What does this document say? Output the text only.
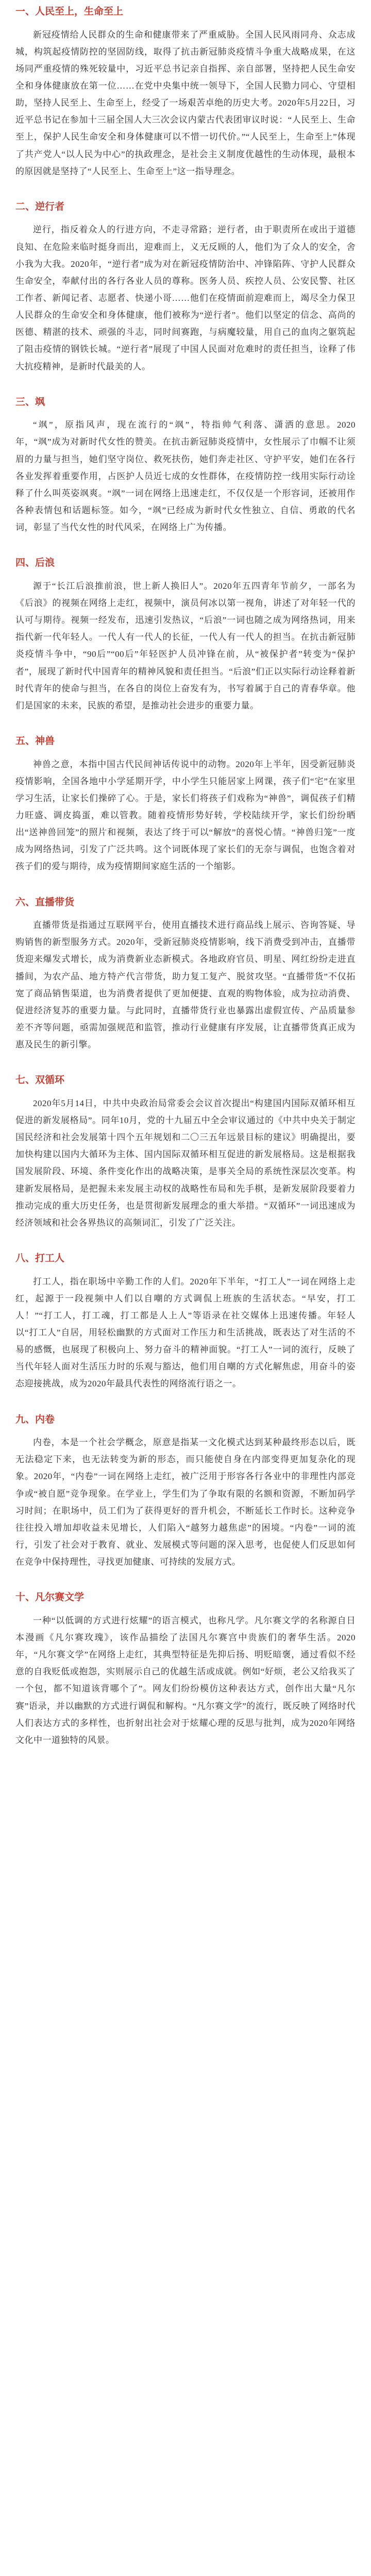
一、人民至上，生命至上

新冠疫情给人民群众的生命和健康带来了严重威胁。全国人民风雨同舟、众志成城，构筑起疫情防控的坚固防线，取得了抗击新冠肺炎疫情斗争重大战略成果，在这场同严重疫情的殊死较量中，习近平总书记亲自指挥、亲自部署，坚持把人民生命安全和身体健康放在第一位……在党中央集中统一领导下，全国人民勠力同心、守望相助，坚持人民至上、生命至上，经受了一场艰苦卓绝的历史大考。2020年5月22日，习近平总书记在参加十三届全国人大三次会议内蒙古代表团审议时说：“人民至上、生命至上，保护人民生命安全和身体健康可以不惜一切代价。”“人民至上，生命至上”体现了共产党人“以人民为中心”的执政理念，是社会主义制度优越性的生动体现，最根本的原因就是坚持了“人民至上、生命至上”这一指导理念。

二、逆行者

逆行，指反着众人的行进方向，不走寻常路；逆行者，由于职责所在或出于道德良知、在危险来临时挺身而出，迎难而上，义无反顾的人，他们为了众人的安全，舍小我为大我。2020年，“逆行者”成为对在新冠疫情防治中、冲锋陷阵、守护人民群众生命安全，奉献付出的各行各业人员的尊称。医务人员、疾控人员、公安民警、社区工作者、新闻记者、志愿者、快递小哥……他们在疫情面前迎难而上，竭尽全力保卫人民群众的生命安全和身体健康，他们被称为“逆行者”。他们以坚定的信念、高尚的医德、精湛的技术、顽强的斗志，同时间赛跑，与病魔较量，用自己的血肉之躯筑起了阻击疫情的钢铁长城。“逆行者”展现了中国人民面对危难时的责任担当，诠释了伟大抗疫精神，是新时代最美的人。

三、飒

“飒”，原指风声，现在流行的“飒”，特指帅气利落、潇洒的意思。2020年，“飒”成为对新时代女性的赞美。在抗击新冠肺炎疫情中，女性展示了巾帼不让须眉的力量与担当，她们坚守岗位、救死扶伤，她们奔走社区、守护平安，她们在各行各业发挥着重要作用，占医护人员近七成的女性群体，在疫情防控一线用实际行动诠释了什么叫英姿飒爽。“飒”一词在网络上迅速走红，不仅仅是一个形容词，还被用作各种表情包和话题标签。如今，“飒”已经成为新时代女性独立、自信、勇敢的代名词，彰显了当代女性的时代风采，在网络上广为传播。

四、后浪

源于“长江后浪推前浪，世上新人换旧人”。2020年五四青年节前夕，一部名为《后浪》的视频在网络上走红，视频中，演员何冰以第一视角，讲述了对年轻一代的认可与期待。视频一经发布，迅速引发热议，“后浪”一词也随之成为网络热词，用来指代新一代年轻人。一代人有一代人的长征，一代人有一代人的担当。在抗击新冠肺炎疫情斗争中，“90后”“00后”年轻医护人员冲锋在前，从“被保护者”转变为“保护者”，展现了新时代中国青年的精神风貌和责任担当。“后浪”们正以实际行动诠释着新时代青年的使命与担当，在各自的岗位上奋发有为，书写着属于自己的青春华章。他们是国家的未来，民族的希望，是推动社会进步的重要力量。

五、神兽

神兽之意，本指中国古代民间神话传说中的动物。2020年上半年，因受新冠肺炎疫情影响，全国各地中小学延期开学，中小学生只能居家上网课，孩子们“宅”在家里学习生活，让家长们操碎了心。于是，家长们将孩子们戏称为“神兽”，调侃孩子们精力旺盛、调皮捣蛋，难以管教。随着疫情形势好转，学校陆续开学，家长们纷纷晒出“送神兽回笼”的照片和视频，表达了终于可以“解放”的喜悦心情。“神兽归笼”一度成为网络热词，引发了广泛共鸣。这个词既体现了家长们的无奈与调侃，也饱含着对孩子们的爱与期待，成为疫情期间家庭生活的一个缩影。

六、直播带货

直播带货是指通过互联网平台，使用直播技术进行商品线上展示、咨询答疑、导购销售的新型服务方式。2020年，受新冠肺炎疫情影响，线下消费受到冲击，直播带货迎来爆发式增长，成为消费新业态新模式。各地政府官员、明星、网红纷纷走进直播间，为农产品、地方特产代言带货，助力复工复产、脱贫攻坚。“直播带货”不仅拓宽了商品销售渠道，也为消费者提供了更加便捷、直观的购物体验，成为拉动消费、促进经济复苏的重要力量。与此同时，直播带货行业也暴露出虚假宣传、产品质量参差不齐等问题，亟需加强规范和监管，推动行业健康有序发展，让直播带货真正成为惠及民生的新引擎。

七、双循环

2020年5月14日，中共中央政治局常委会会议首次提出“构建国内国际双循环相互促进的新发展格局”。同年10月，党的十九届五中全会审议通过的《中共中央关于制定国民经济和社会发展第十四个五年规划和二〇三五年远景目标的建议》明确提出，要加快构建以国内大循环为主体、国内国际双循环相互促进的新发展格局。这是根据我国发展阶段、环境、条件变化作出的战略决策，是事关全局的系统性深层次变革。构建新发展格局，是把握未来发展主动权的战略性布局和先手棋，是新发展阶段要着力推动完成的重大历史任务，也是贯彻新发展理念的重大举措。“双循环”一词迅速成为经济领域和社会各界热议的高频词汇，引发了广泛关注。

八、打工人

打工人，指在职场中辛勤工作的人们。2020年下半年，“打工人”一词在网络上走红，起源于一段视频中人们以自嘲的方式调侃上班族的生活状态。“早安，打工人！”“打工人，打工魂，打工都是人上人”等语录在社交媒体上迅速传播。年轻人以“打工人”自居，用轻松幽默的方式面对工作压力和生活挑战，既表达了对生活的不易的感慨，也展现了积极向上、努力奋斗的精神面貌。“打工人”一词的流行，反映了当代年轻人面对生活压力时的乐观与豁达，他们用自嘲的方式化解焦虑，用奋斗的姿态迎接挑战，成为2020年最具代表性的网络流行语之一。

九、内卷

内卷，本是一个社会学概念，原意是指某一文化模式达到某种最终形态以后，既无法稳定下来，也无法转变为新的形态，而只能使自身在内部变得更加复杂化的现象。2020年，“内卷”一词在网络上走红，被广泛用于形容各行各业中的非理性内部竞争或“被自愿”竞争现象。在学业上，学生们为了争取有限的名额和资源，不断加码学习时间；在职场中，员工们为了获得更好的晋升机会，不断延长工作时长。这种竞争往往投入增加却收益未见增长，人们陷入“越努力越焦虑”的困境。“内卷”一词的流行，引发了社会对于教育、就业、发展模式等问题的深入思考，也促使人们反思如何在竞争中保持理性，寻找更加健康、可持续的发展方式。

十、凡尔赛文学

一种“以低调的方式进行炫耀”的语言模式，也称凡学。凡尔赛文学的名称源自日本漫画《凡尔赛玫瑰》，该作品描绘了法国凡尔赛宫中贵族们的奢华生活。2020年，“凡尔赛文学”在网络上走红，其典型特征是先抑后扬、明贬暗褒，通过看似不经意的自我贬低或抱怨，实则展示自己的优越生活或成就。例如“好烦，老公又给我买了一个包，都不知道该背哪个了”。网友们纷纷模仿这种表达方式，创作出大量“凡尔赛”语录，并以幽默的方式进行调侃和解构。“凡尔赛文学”的流行，既反映了网络时代人们表达方式的多样性，也折射出社会对于炫耀心理的反思与批判，成为2020年网络文化中一道独特的风景。
